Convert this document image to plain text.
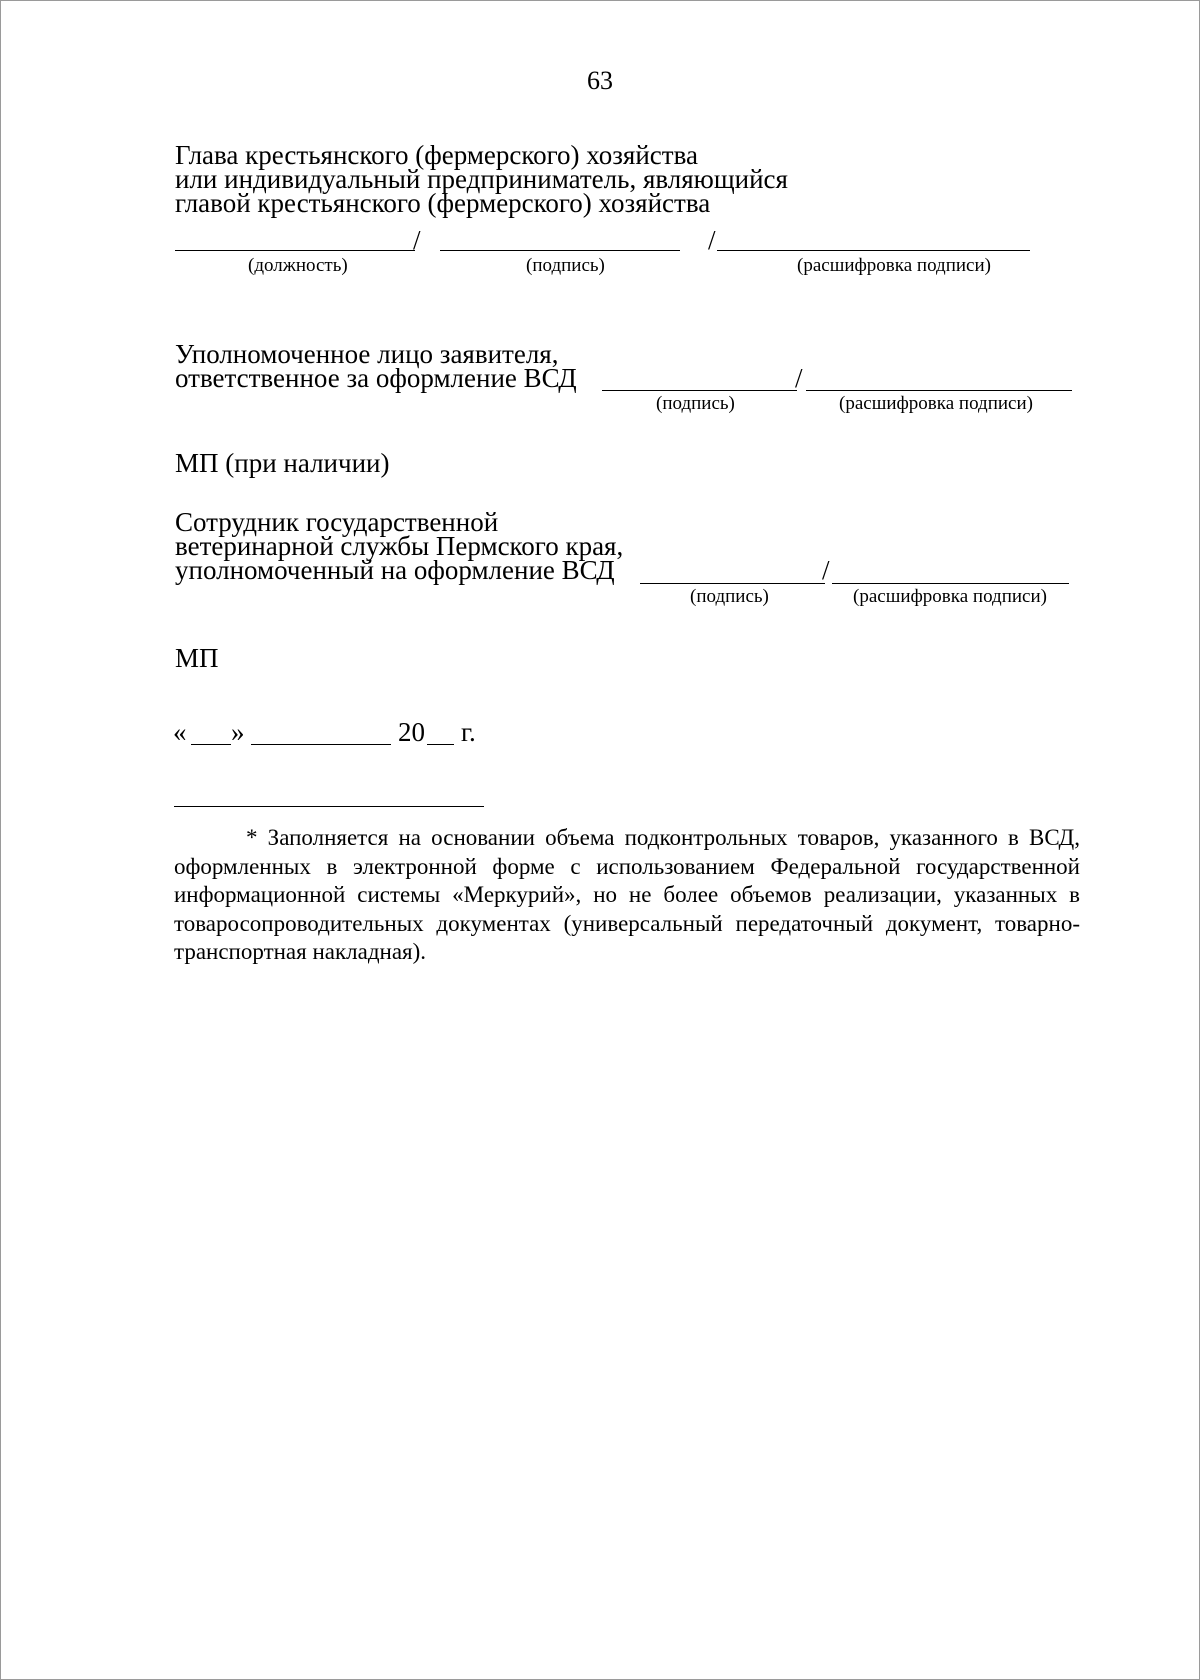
63
Глава крестьянского (фермерского) хозяйства
или индивидуальный предприниматель, являющийся
главой крестьянского (фермерского) хозяйства
/	/
(должность)	(подпись)	(расшифровка подписи)
Уполномоченное лицо заявителя,
ответственное за оформление ВСД	/
(подпись)	(расшифровка подписи)
МП (при наличии)
Сотрудник государственной
ветеринарной службы Пермского края,
уполномоченный на оформление ВСД	/
(подпись)	(расшифровка подписи)
МП
« »	20 г.
* Заполняется на основании объема подконтрольных товаров, указанного в ВСД, оформленных в электронной форме с использованием Федеральной государственной информационной системы «Меркурий», но не более объемов реализации, указанных в товаросопроводительных документах (универсальный передаточный документ, товарно-транспортная накладная).
